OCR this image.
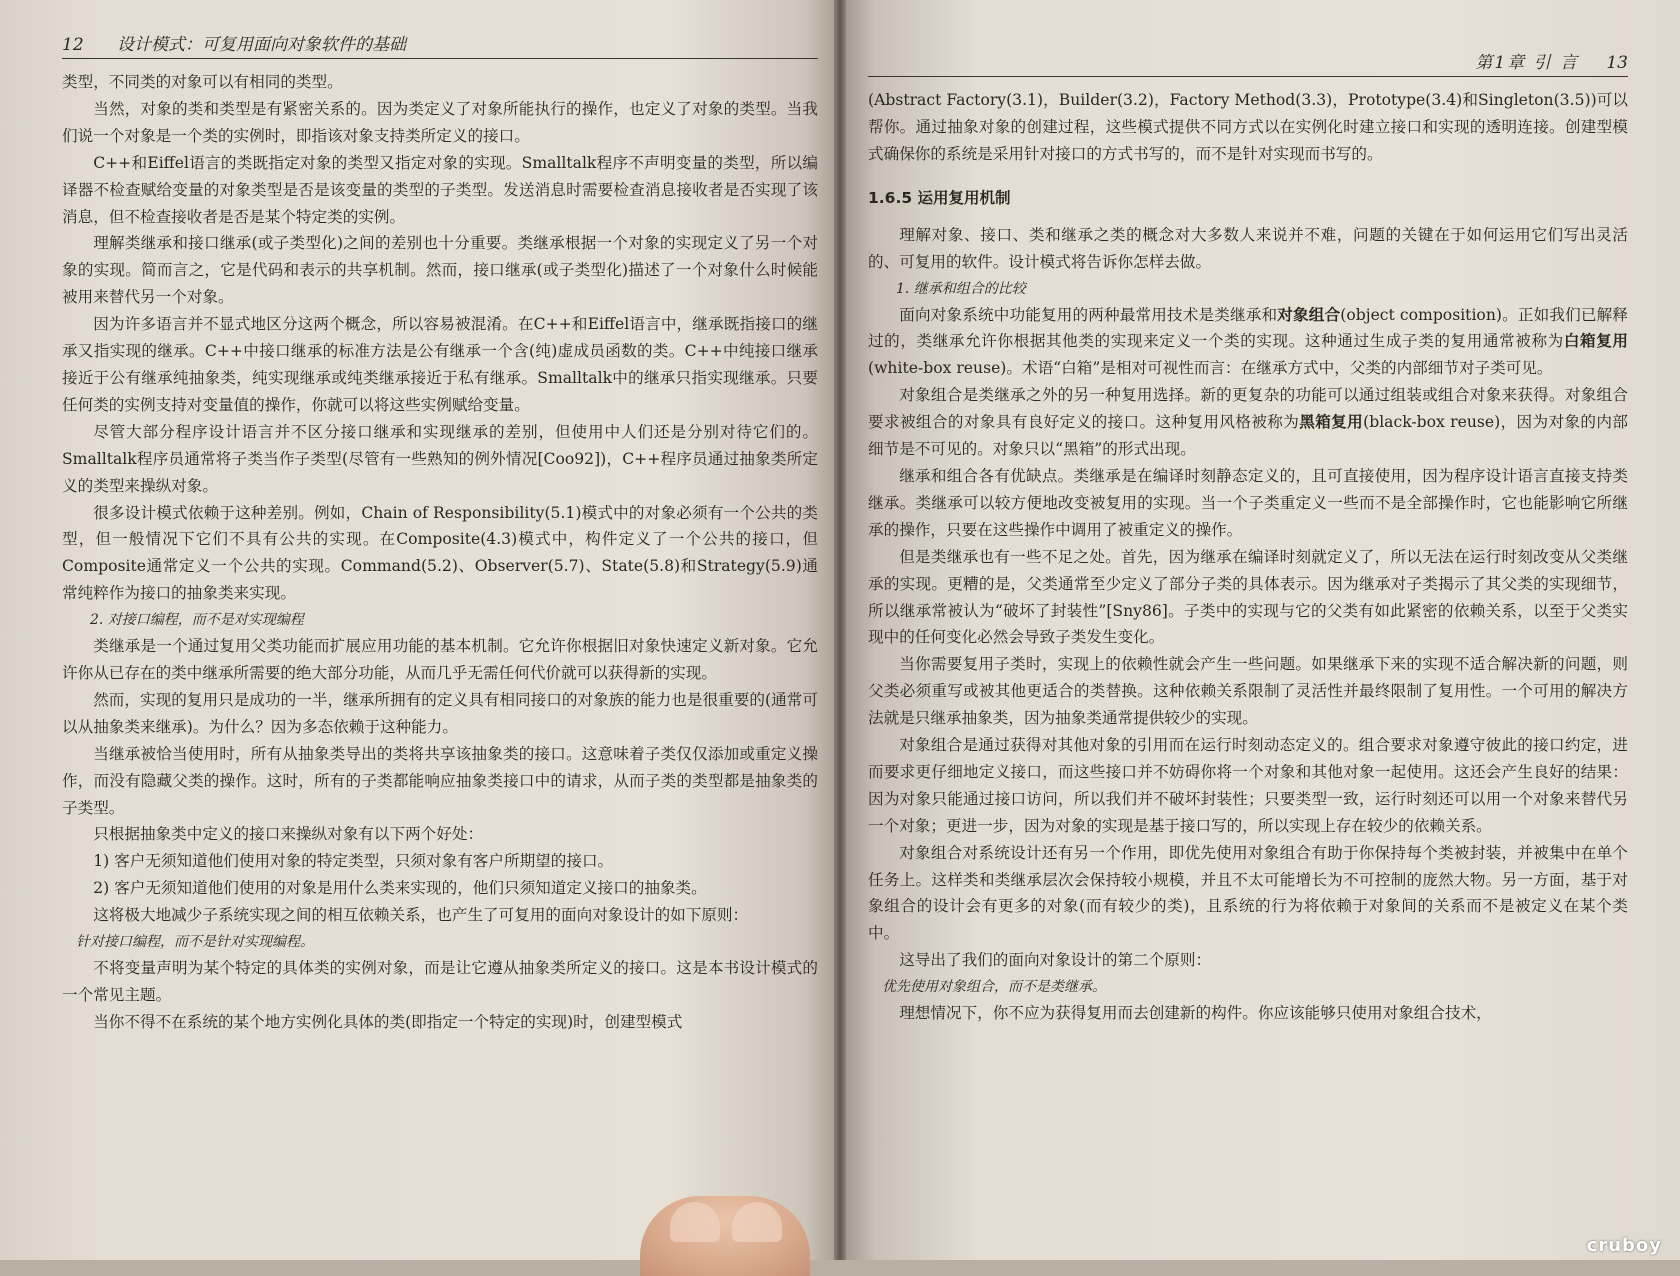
12 设计模式：可复用面向对象软件的基础

类型，不同类的对象可以有相同的类型。

当然，对象的类和类型是有紧密关系的。因为类定义了对象所能执行的操作，也定义了对象的类型。当我们说一个对象是一个类的实例时，即指该对象支持类所定义的接口。

C++和Eiffel语言的类既指定对象的类型又指定对象的实现。Smalltalk程序不声明变量的类型，所以编译器不检查赋给变量的对象类型是否是该变量的类型的子类型。发送消息时需要检查消息接收者是否实现了该消息，但不检查接收者是否是某个特定类的实例。

理解类继承和接口继承(或子类型化)之间的差别也十分重要。类继承根据一个对象的实现定义了另一个对象的实现。简而言之，它是代码和表示的共享机制。然而，接口继承(或子类型化)描述了一个对象什么时候能被用来替代另一个对象。

因为许多语言并不显式地区分这两个概念，所以容易被混淆。在C++和Eiffel语言中，继承既指接口的继承又指实现的继承。C++中接口继承的标准方法是公有继承一个含(纯)虚成员函数的类。C++中纯接口继承接近于公有继承纯抽象类，纯实现继承或纯类继承接近于私有继承。Smalltalk中的继承只指实现继承。只要任何类的实例支持对变量值的操作，你就可以将这些实例赋给变量。

尽管大部分程序设计语言并不区分接口继承和实现继承的差别，但使用中人们还是分别对待它们的。Smalltalk程序员通常将子类当作子类型(尽管有一些熟知的例外情况[Coo92])，C++程序员通过抽象类所定义的类型来操纵对象。

很多设计模式依赖于这种差别。例如，Chain of Responsibility(5.1)模式中的对象必须有一个公共的类型，但一般情况下它们不具有公共的实现。在Composite(4.3)模式中，构件定义了一个公共的接口，但Composite通常定义一个公共的实现。Command(5.2)、Observer(5.7)、State(5.8)和Strategy(5.9)通常纯粹作为接口的抽象类来实现。

2. 对接口编程，而不是对实现编程

类继承是一个通过复用父类功能而扩展应用功能的基本机制。它允许你根据旧对象快速定义新对象。它允许你从已存在的类中继承所需要的绝大部分功能，从而几乎无需任何代价就可以获得新的实现。

然而，实现的复用只是成功的一半，继承所拥有的定义具有相同接口的对象族的能力也是很重要的(通常可以从抽象类来继承)。为什么？因为多态依赖于这种能力。

当继承被恰当使用时，所有从抽象类导出的类将共享该抽象类的接口。这意味着子类仅仅添加或重定义操作，而没有隐藏父类的操作。这时，所有的子类都能响应抽象类接口中的请求，从而子类的类型都是抽象类的子类型。

只根据抽象类中定义的接口来操纵对象有以下两个好处：

1) 客户无须知道他们使用对象的特定类型，只须对象有客户所期望的接口。

2) 客户无须知道他们使用的对象是用什么类来实现的，他们只须知道定义接口的抽象类。

这将极大地减少子系统实现之间的相互依赖关系，也产生了可复用的面向对象设计的如下原则：

针对接口编程，而不是针对实现编程。

不将变量声明为某个特定的具体类的实例对象，而是让它遵从抽象类所定义的接口。这是本书设计模式的一个常见主题。

当你不得不在系统的某个地方实例化具体的类(即指定一个特定的实现)时，创建型模式

第1章 引 言 13

(Abstract Factory(3.1)，Builder(3.2)，Factory Method(3.3)，Prototype(3.4)和Singleton(3.5))可以帮你。通过抽象对象的创建过程，这些模式提供不同方式以在实例化时建立接口和实现的透明连接。创建型模式确保你的系统是采用针对接口的方式书写的，而不是针对实现而书写的。

1.6.5 运用复用机制

理解对象、接口、类和继承之类的概念对大多数人来说并不难，问题的关键在于如何运用它们写出灵活的、可复用的软件。设计模式将告诉你怎样去做。

1. 继承和组合的比较

面向对象系统中功能复用的两种最常用技术是类继承和对象组合(object composition)。正如我们已解释过的，类继承允许你根据其他类的实现来定义一个类的实现。这种通过生成子类的复用通常被称为白箱复用(white-box reuse)。术语“白箱”是相对可视性而言：在继承方式中，父类的内部细节对子类可见。

对象组合是类继承之外的另一种复用选择。新的更复杂的功能可以通过组装或组合对象来获得。对象组合要求被组合的对象具有良好定义的接口。这种复用风格被称为黑箱复用(black-box reuse)，因为对象的内部细节是不可见的。对象只以“黑箱”的形式出现。

继承和组合各有优缺点。类继承是在编译时刻静态定义的，且可直接使用，因为程序设计语言直接支持类继承。类继承可以较方便地改变被复用的实现。当一个子类重定义一些而不是全部操作时，它也能影响它所继承的操作，只要在这些操作中调用了被重定义的操作。

但是类继承也有一些不足之处。首先，因为继承在编译时刻就定义了，所以无法在运行时刻改变从父类继承的实现。更糟的是，父类通常至少定义了部分子类的具体表示。因为继承对子类揭示了其父类的实现细节，所以继承常被认为“破坏了封装性”[Sny86]。子类中的实现与它的父类有如此紧密的依赖关系，以至于父类实现中的任何变化必然会导致子类发生变化。

当你需要复用子类时，实现上的依赖性就会产生一些问题。如果继承下来的实现不适合解决新的问题，则父类必须重写或被其他更适合的类替换。这种依赖关系限制了灵活性并最终限制了复用性。一个可用的解决方法就是只继承抽象类，因为抽象类通常提供较少的实现。

对象组合是通过获得对其他对象的引用而在运行时刻动态定义的。组合要求对象遵守彼此的接口约定，进而要求更仔细地定义接口，而这些接口并不妨碍你将一个对象和其他对象一起使用。这还会产生良好的结果：因为对象只能通过接口访问，所以我们并不破坏封装性；只要类型一致，运行时刻还可以用一个对象来替代另一个对象；更进一步，因为对象的实现是基于接口写的，所以实现上存在较少的依赖关系。

对象组合对系统设计还有另一个作用，即优先使用对象组合有助于你保持每个类被封装，并被集中在单个任务上。这样类和类继承层次会保持较小规模，并且不太可能增长为不可控制的庞然大物。另一方面，基于对象组合的设计会有更多的对象(而有较少的类)，且系统的行为将依赖于对象间的关系而不是被定义在某个类中。

这导出了我们的面向对象设计的第二个原则：

优先使用对象组合，而不是类继承。

理想情况下，你不应为获得复用而去创建新的构件。你应该能够只使用对象组合技术，

cruboy
